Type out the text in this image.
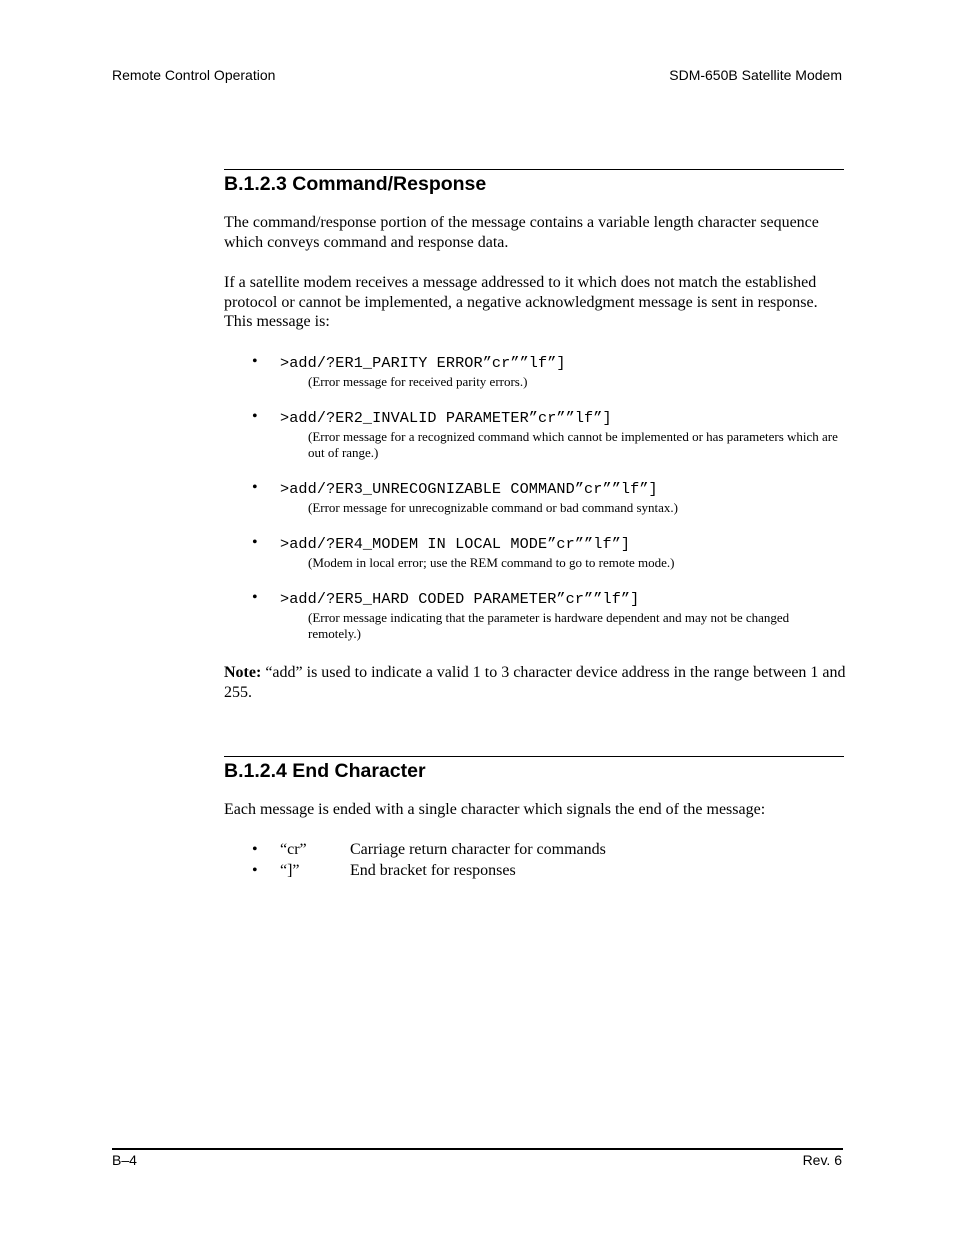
Remote Control Operation	SDM-650B Satellite Modem
B.1.2.3 Command/Response
The command/response portion of the message contains a variable length character sequence which conveys command and response data.
If a satellite modem receives a message addressed to it which does not match the established protocol or cannot be implemented, a negative acknowledgment message is sent in response. This message is:
• >add/?ER1_PARITY ERROR”cr””lf”]
(Error message for received parity errors.)
• >add/?ER2_INVALID PARAMETER”cr””lf”]
(Error message for a recognized command which cannot be implemented or has parameters which are out of range.)
• >add/?ER3_UNRECOGNIZABLE COMMAND”cr””lf”]
(Error message for unrecognizable command or bad command syntax.)
• >add/?ER4_MODEM IN LOCAL MODE”cr””lf”]
(Modem in local error; use the REM command to go to remote mode.)
• >add/?ER5_HARD CODED PARAMETER”cr””lf”]
(Error message indicating that the parameter is hardware dependent and may not be changed remotely.)
Note: “add” is used to indicate a valid 1 to 3 character device address in the range between 1 and 255.
B.1.2.4 End Character
Each message is ended with a single character which signals the end of the message:
• “cr”	Carriage return character for commands
• “]”	End bracket for responses
B–4	Rev. 6
